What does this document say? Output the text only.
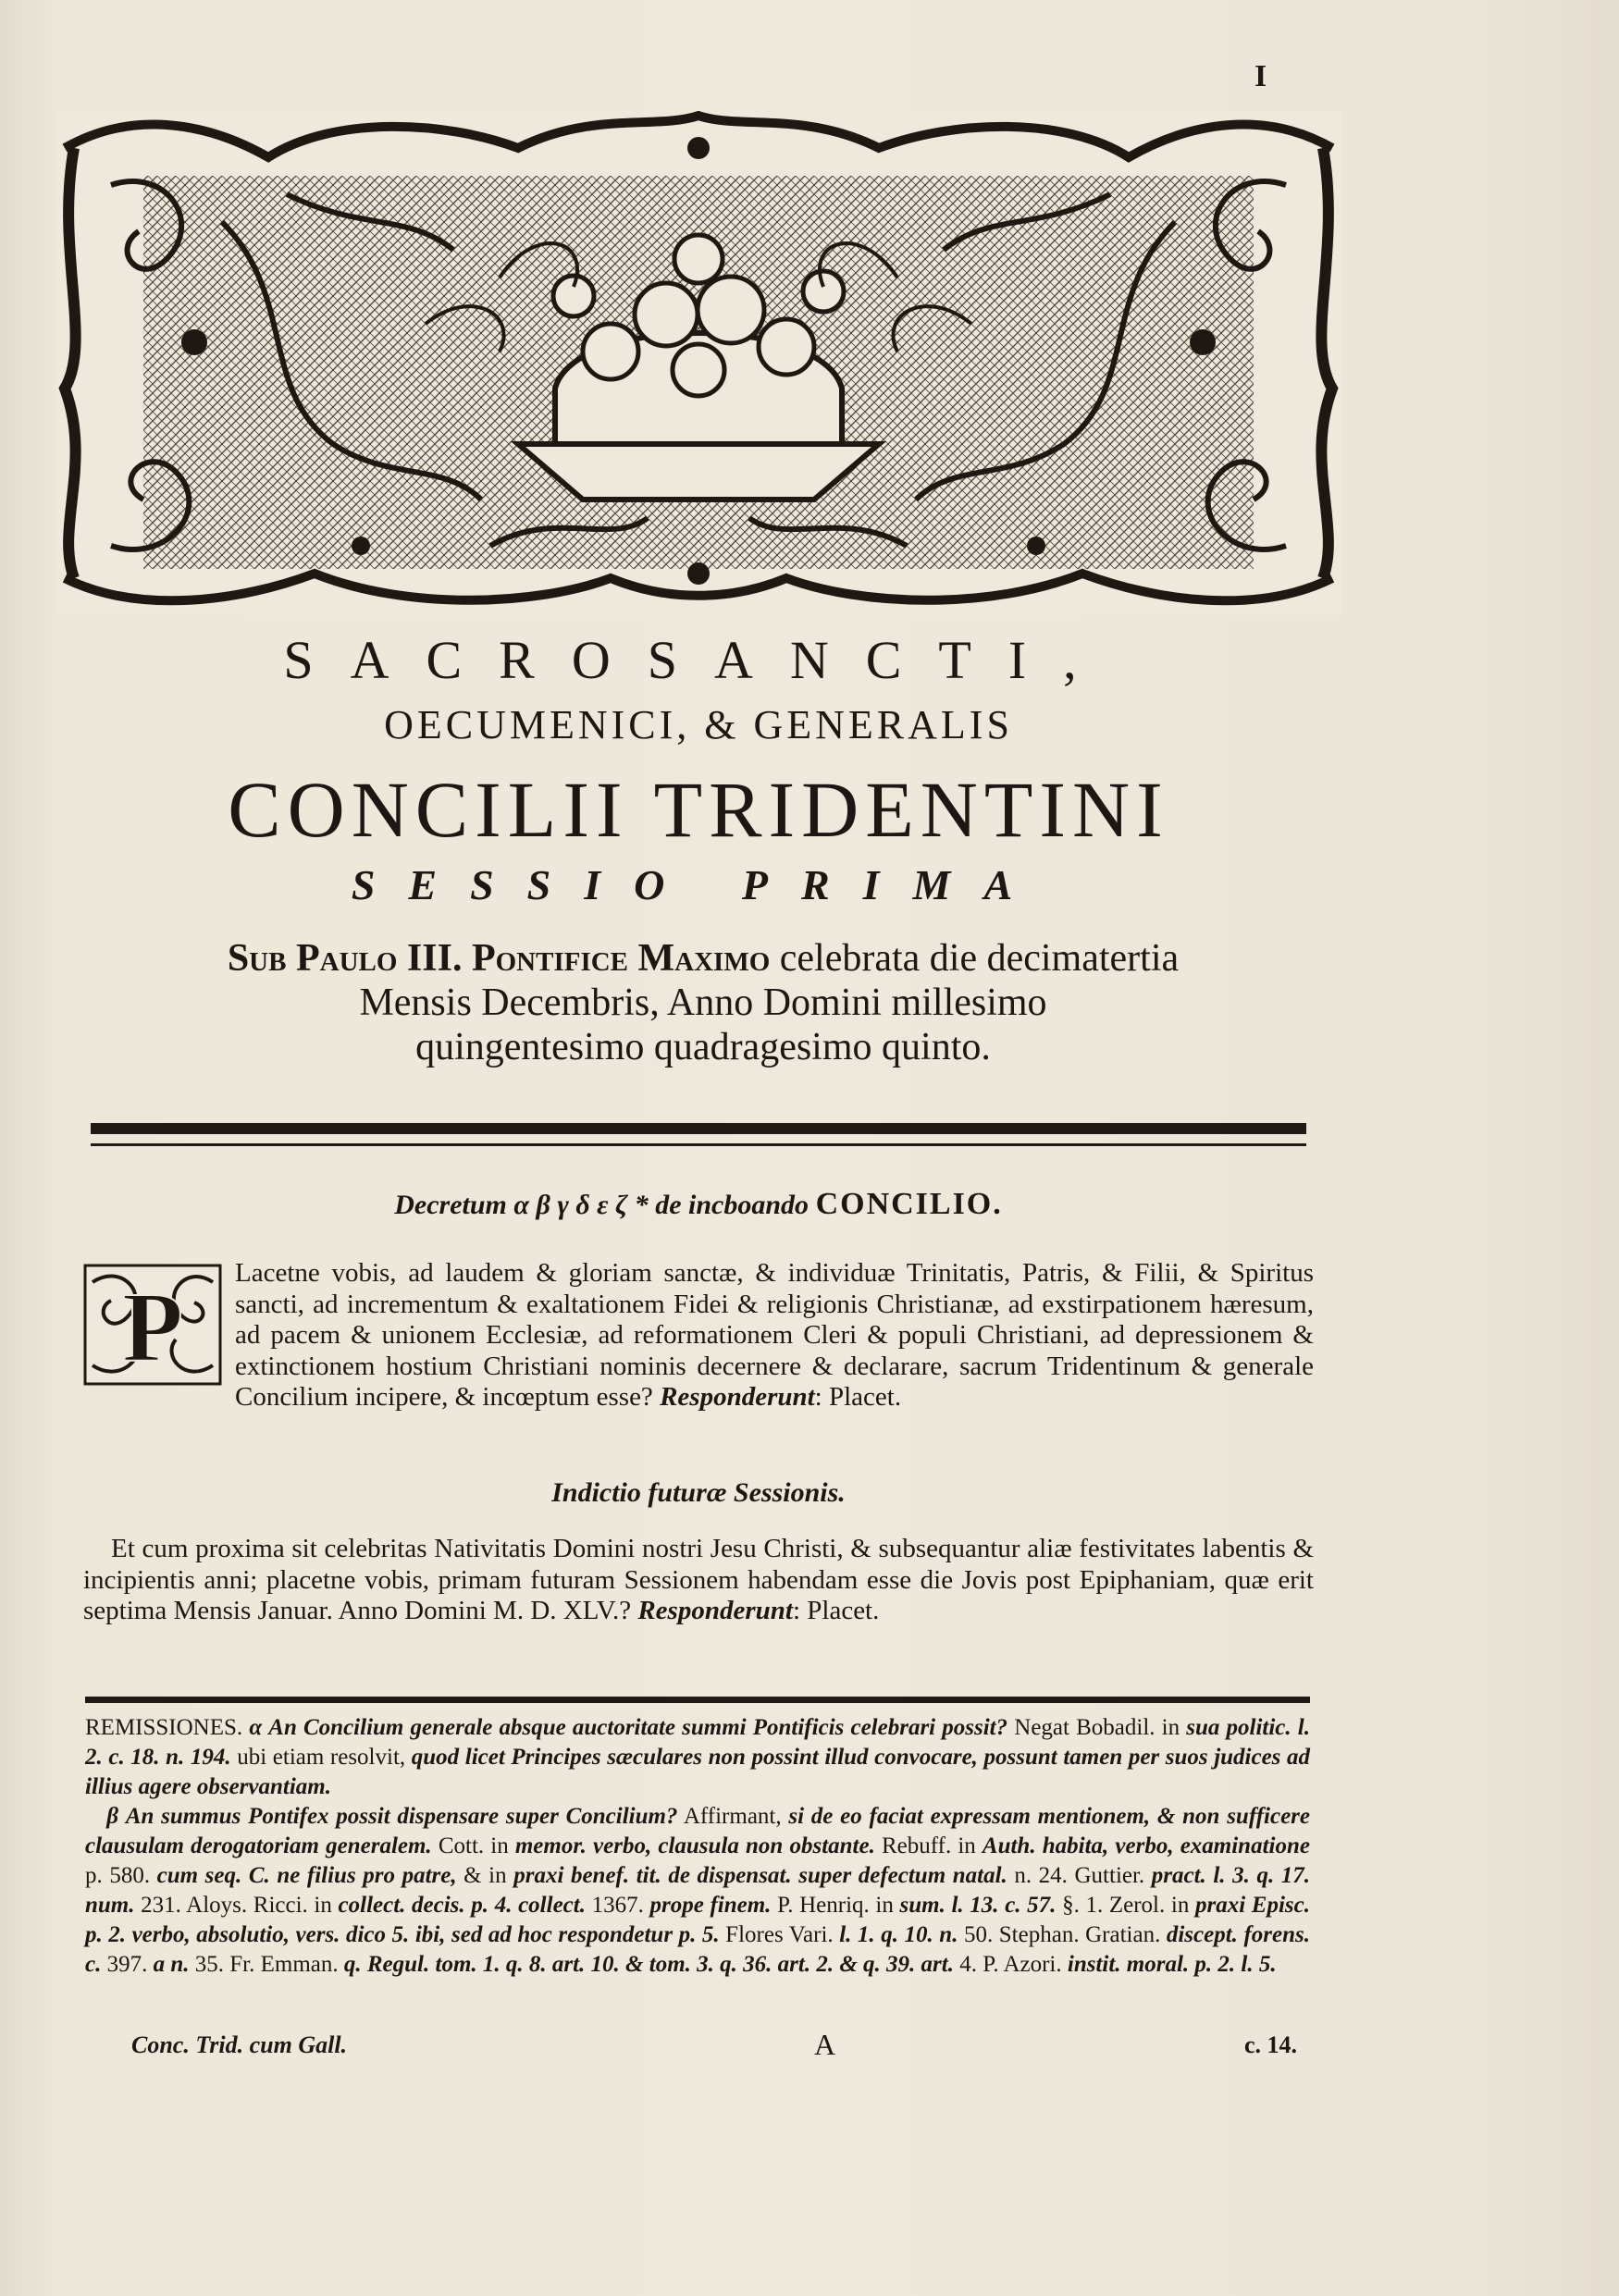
I
SACROSANCTI,
OECUMENICI, & GENERALIS
CONCILII TRIDENTINI
SESSIO PRIMA
Sub Paulo III. Pontifice Maximo celebrata die decimatertia
Mensis Decembris, Anno Domini millesimo
quingentesimo quadragesimo quinto.
Decretum α β γ δ ε ζ * de incboando CONCILIO.
P Lacetne vobis, ad laudem & gloriam sanctæ, & individuæ Trinitatis, Patris, & Filii, & Spiritus sancti, ad incrementum & exaltationem Fidei & religionis Christianæ, ad exstirpationem hæresum, ad pacem & unionem Ecclesiæ, ad reformationem Cleri & populi Christiani, ad depressionem & extinctionem hostium Christiani nominis decernere & declarare, sacrum Tridentinum & generale Concilium incipere, & incœptum esse? Responderunt: Placet.
Indictio futuræ Sessionis.
Et cum proxima sit celebritas Nativitatis Domini nostri Jesu Christi, & subsequantur aliæ festivitates labentis & incipientis anni; placetne vobis, primam futuram Sessionem habendam esse die Jovis post Epiphaniam, quæ erit septima Mensis Januar. Anno Domini M. D. XLV.? Responderunt: Placet.
REMISSIONES. α An Concilium generale absque auctoritate summi Pontificis celebrari possit? Negat Bobadil. in sua politic. l. 2. c. 18. n. 194. ubi etiam resolvit, quod licet Principes sæculares non possint illud convocare, possunt tamen per suos judices ad illius agere observantiam.
β An summus Pontifex possit dispensare super Concilium? Affirmant, si de eo faciat expressam mentionem, & non sufficere clausulam derogatoriam generalem. Cott. in memor. verbo, clausula non obstante. Rebuff. in Auth. habita, verbo, examinatione p. 580. cum seq. C. ne filius pro patre, & in praxi benef. tit. de dispensat. super defectum natal. n. 24. Guttier. pract. l. 3. q. 17. num. 231. Aloys. Ricci. in collect. decis. p. 4. collect. 1367. prope finem. P. Henriq. in sum. l. 13. c. 57. §. 1. Zerol. in praxi Episc. p. 2. verbo, absolutio, vers. dico 5. ibi, sed ad hoc respondetur p. 5. Flores Vari. l. 1. q. 10. n. 50. Stephan. Gratian. discept. forens. c. 397. a n. 35. Fr. Emman. q. Regul. tom. 1. q. 8. art. 10. & tom. 3. q. 36. art. 2. & q. 39. art. 4. P. Azori. instit. moral. p. 2. l. 5.
Conc. Trid. cum Gall.	A	c. 14.
